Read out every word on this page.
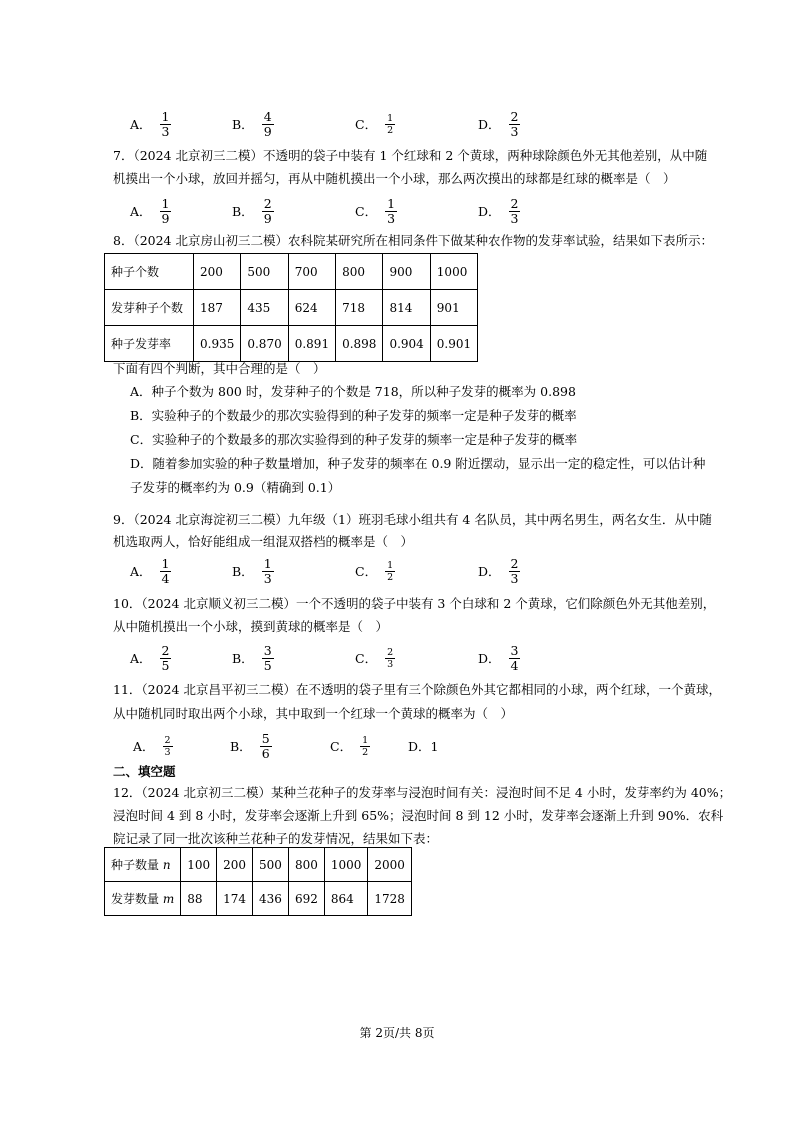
A． $\frac{1}{3}$	B． $\frac{4}{9}$	C． $\frac{1}{2}$	D． $\frac{2}{3}$
7．（2024 北京初三二模）不透明的袋子中装有 1 个红球和 2 个黄球，两种球除颜色外无其他差别，从中随
机摸出一个小球，放回并摇匀，再从中随机摸出一个小球，那么两次摸出的球都是红球的概率是（　）
A． $\frac{1}{9}$	B． $\frac{2}{9}$	C． $\frac{1}{3}$	D． $\frac{2}{3}$
8．（2024 北京房山初三二模）农科院某研究所在相同条件下做某种农作物的发芽率试验，结果如下表所示：
种子个数	200	500	700	800	900	1000
发芽种子个数	187	435	624	718	814	901
种子发芽率	0.935	0.870	0.891	0.898	0.904	0.901
下面有四个判断，其中合理的是（　）
A．种子个数为 800 时，发芽种子的个数是 718，所以种子发芽的概率为 0.898
B．实验种子的个数最少的那次实验得到的种子发芽的频率一定是种子发芽的概率
C．实验种子的个数最多的那次实验得到的种子发芽的频率一定是种子发芽的概率
D．随着参加实验的种子数量增加，种子发芽的频率在 0.9 附近摆动，显示出一定的稳定性，可以估计种
子发芽的概率约为 0.9（精确到 0.1）
9．（2024 北京海淀初三二模）九年级（1）班羽毛球小组共有 4 名队员，其中两名男生，两名女生．从中随
机选取两人，恰好能组成一组混双搭档的概率是（　）
A． $\frac{1}{4}$	B． $\frac{1}{3}$	C． $\frac{1}{2}$	D． $\frac{2}{3}$
10．（2024 北京顺义初三二模）一个不透明的袋子中装有 3 个白球和 2 个黄球，它们除颜色外无其他差别，
从中随机摸出一个小球，摸到黄球的概率是（　）
A． $\frac{2}{5}$	B． $\frac{3}{5}$	C． $\frac{2}{3}$	D． $\frac{3}{4}$
11．（2024 北京昌平初三二模）在不透明的袋子里有三个除颜色外其它都相同的小球，两个红球，一个黄球，
从中随机同时取出两个小球，其中取到一个红球一个黄球的概率为（　）
A． $\frac{2}{3}$	B． $\frac{5}{6}$	C． $\frac{1}{2}$	D．1
二、填空题
12．（2024 北京初三二模）某种兰花种子的发芽率与浸泡时间有关：浸泡时间不足 4 小时，发芽率约为 40%；
浸泡时间 4 到 8 小时，发芽率会逐渐上升到 65%；浸泡时间 8 到 12 小时，发芽率会逐渐上升到 90%．农科
院记录了同一批次该种兰花种子的发芽情况，结果如下表：
种子数量 n	100	200	500	800	1000	2000
发芽数量 m	88	174	436	692	864	1728
第 2页/共 8页
